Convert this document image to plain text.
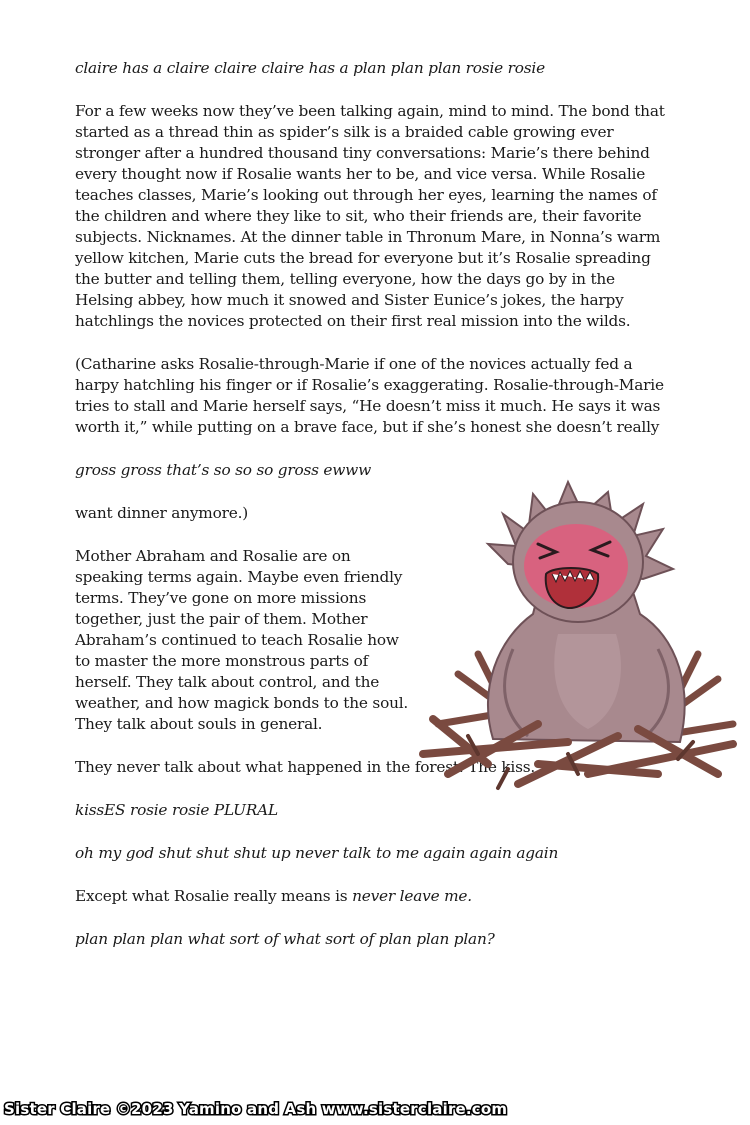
claire has a claire claire claire has a plan plan plan rosie rosie

For a few weeks now they’ve been talking again, mind to mind. The bond that started as a thread thin as spider’s silk is a braided cable growing ever stronger after a hundred thousand tiny conversations: Marie’s there behind every thought now if Rosalie wants her to be, and vice versa. While Rosalie teaches classes, Marie’s looking out through her eyes, learning the names of the children and where they like to sit, who their friends are, their favorite subjects. Nicknames. At the dinner table in Thronum Mare, in Nonna’s warm yellow kitchen, Marie cuts the bread for everyone but it’s Rosalie spreading the butter and telling them, telling everyone, how the days go by in the Helsing abbey, how much it snowed and Sister Eunice’s jokes, the harpy hatchlings the novices protected on their first real mission into the wilds.

(Catharine asks Rosalie-through-Marie if one of the novices actually fed a harpy hatchling his finger or if Rosalie’s exaggerating. Rosalie-through-Marie tries to stall and Marie herself says, “He doesn’t miss it much. He says it was worth it,” while putting on a brave face, but if she’s honest she doesn’t really

gross gross that’s so so so gross ewww

want dinner anymore.)

Mother Abraham and Rosalie are on speaking terms again. Maybe even friendly terms. They’ve gone on more missions together, just the pair of them. Mother Abraham’s continued to teach Rosalie how to master the more monstrous parts of herself. They talk about control, and the weather, and how magick bonds to the soul. They talk about souls in general.

They never talk about what happened in the forest. The kiss.

kissES rosie rosie PLURAL

oh my god shut shut shut up never talk to me again again again

Except what Rosalie really means is never leave me.

plan plan plan what sort of what sort of plan plan plan?

Sister Claire ©2023 Yamino and Ash www.sisterclaire.com
